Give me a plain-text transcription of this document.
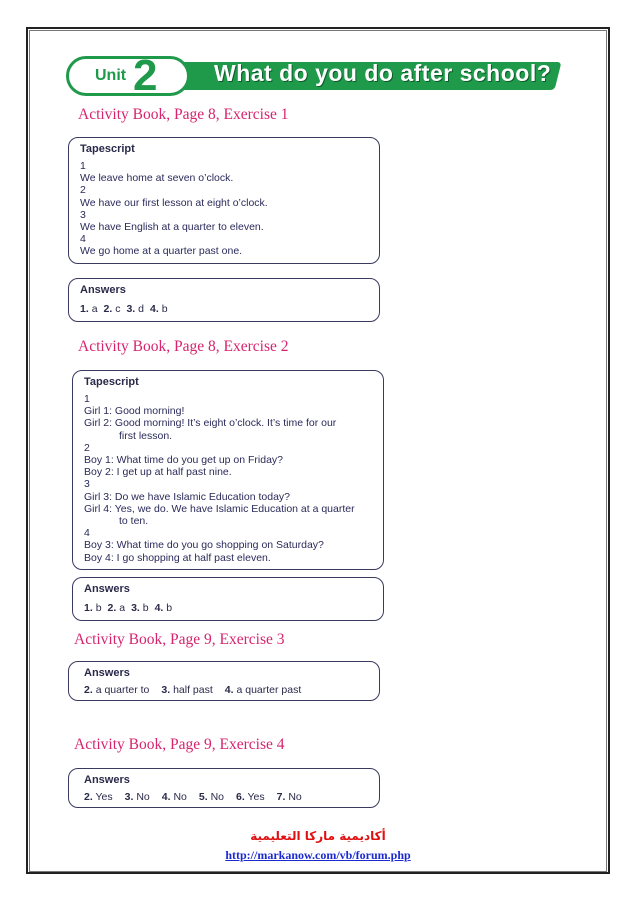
Unit 2 What do you do after school?
Activity Book, Page 8, Exercise 1
Tapescript
1
We leave home at seven o’clock.
2
We have our first lesson at eight o’clock.
3
We have English at a quarter to eleven.
4
We go home at a quarter past one.
Answers
1. a 2. c 3. d 4. b
Activity Book, Page 8, Exercise 2
Tapescript
1
Girl 1: Good morning!
Girl 2: Good morning! It’s eight o’clock. It’s time for our
first lesson.
2
Boy 1: What time do you get up on Friday?
Boy 2: I get up at half past nine.
3
Girl 3: Do we have Islamic Education today?
Girl 4: Yes, we do. We have Islamic Education at a quarter
to ten.
4
Boy 3: What time do you go shopping on Saturday?
Boy 4: I go shopping at half past eleven.
Answers
1. b 2. a 3. b 4. b
Activity Book, Page 9, Exercise 3
Answers
2. a quarter to 3. half past 4. a quarter past
Activity Book, Page 9, Exercise 4
Answers
2. Yes 3. No 4. No 5. No 6. Yes 7. No
أكاديمية ماركا التعليمية
http://markanow.com/vb/forum.php
